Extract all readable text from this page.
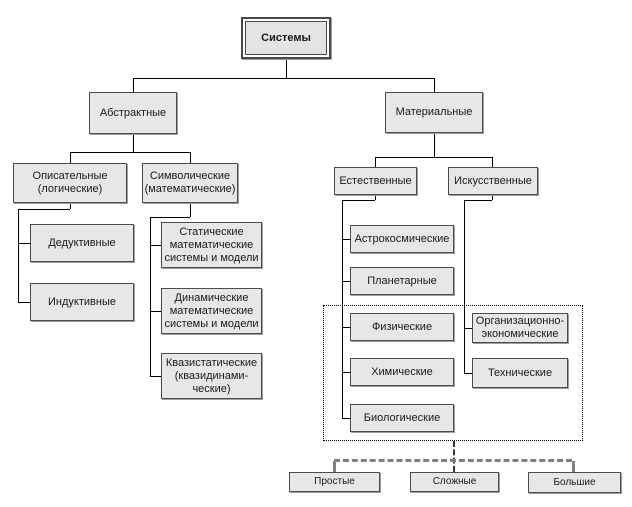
Системы
Абстрактные	Материальные
Описательные (логические)
Символические (математические)
Дедуктивные
Индуктивные
Статические математические системы и модели
Динамические математические системы и модели
Квазистатические (квазидинами-ческие)
Естественные	Искусственные
Астрокосмические
Планетарные
Физические
Химические
Биологические
Организационно-экономические
Технические
Простые	Сложные	Большие
